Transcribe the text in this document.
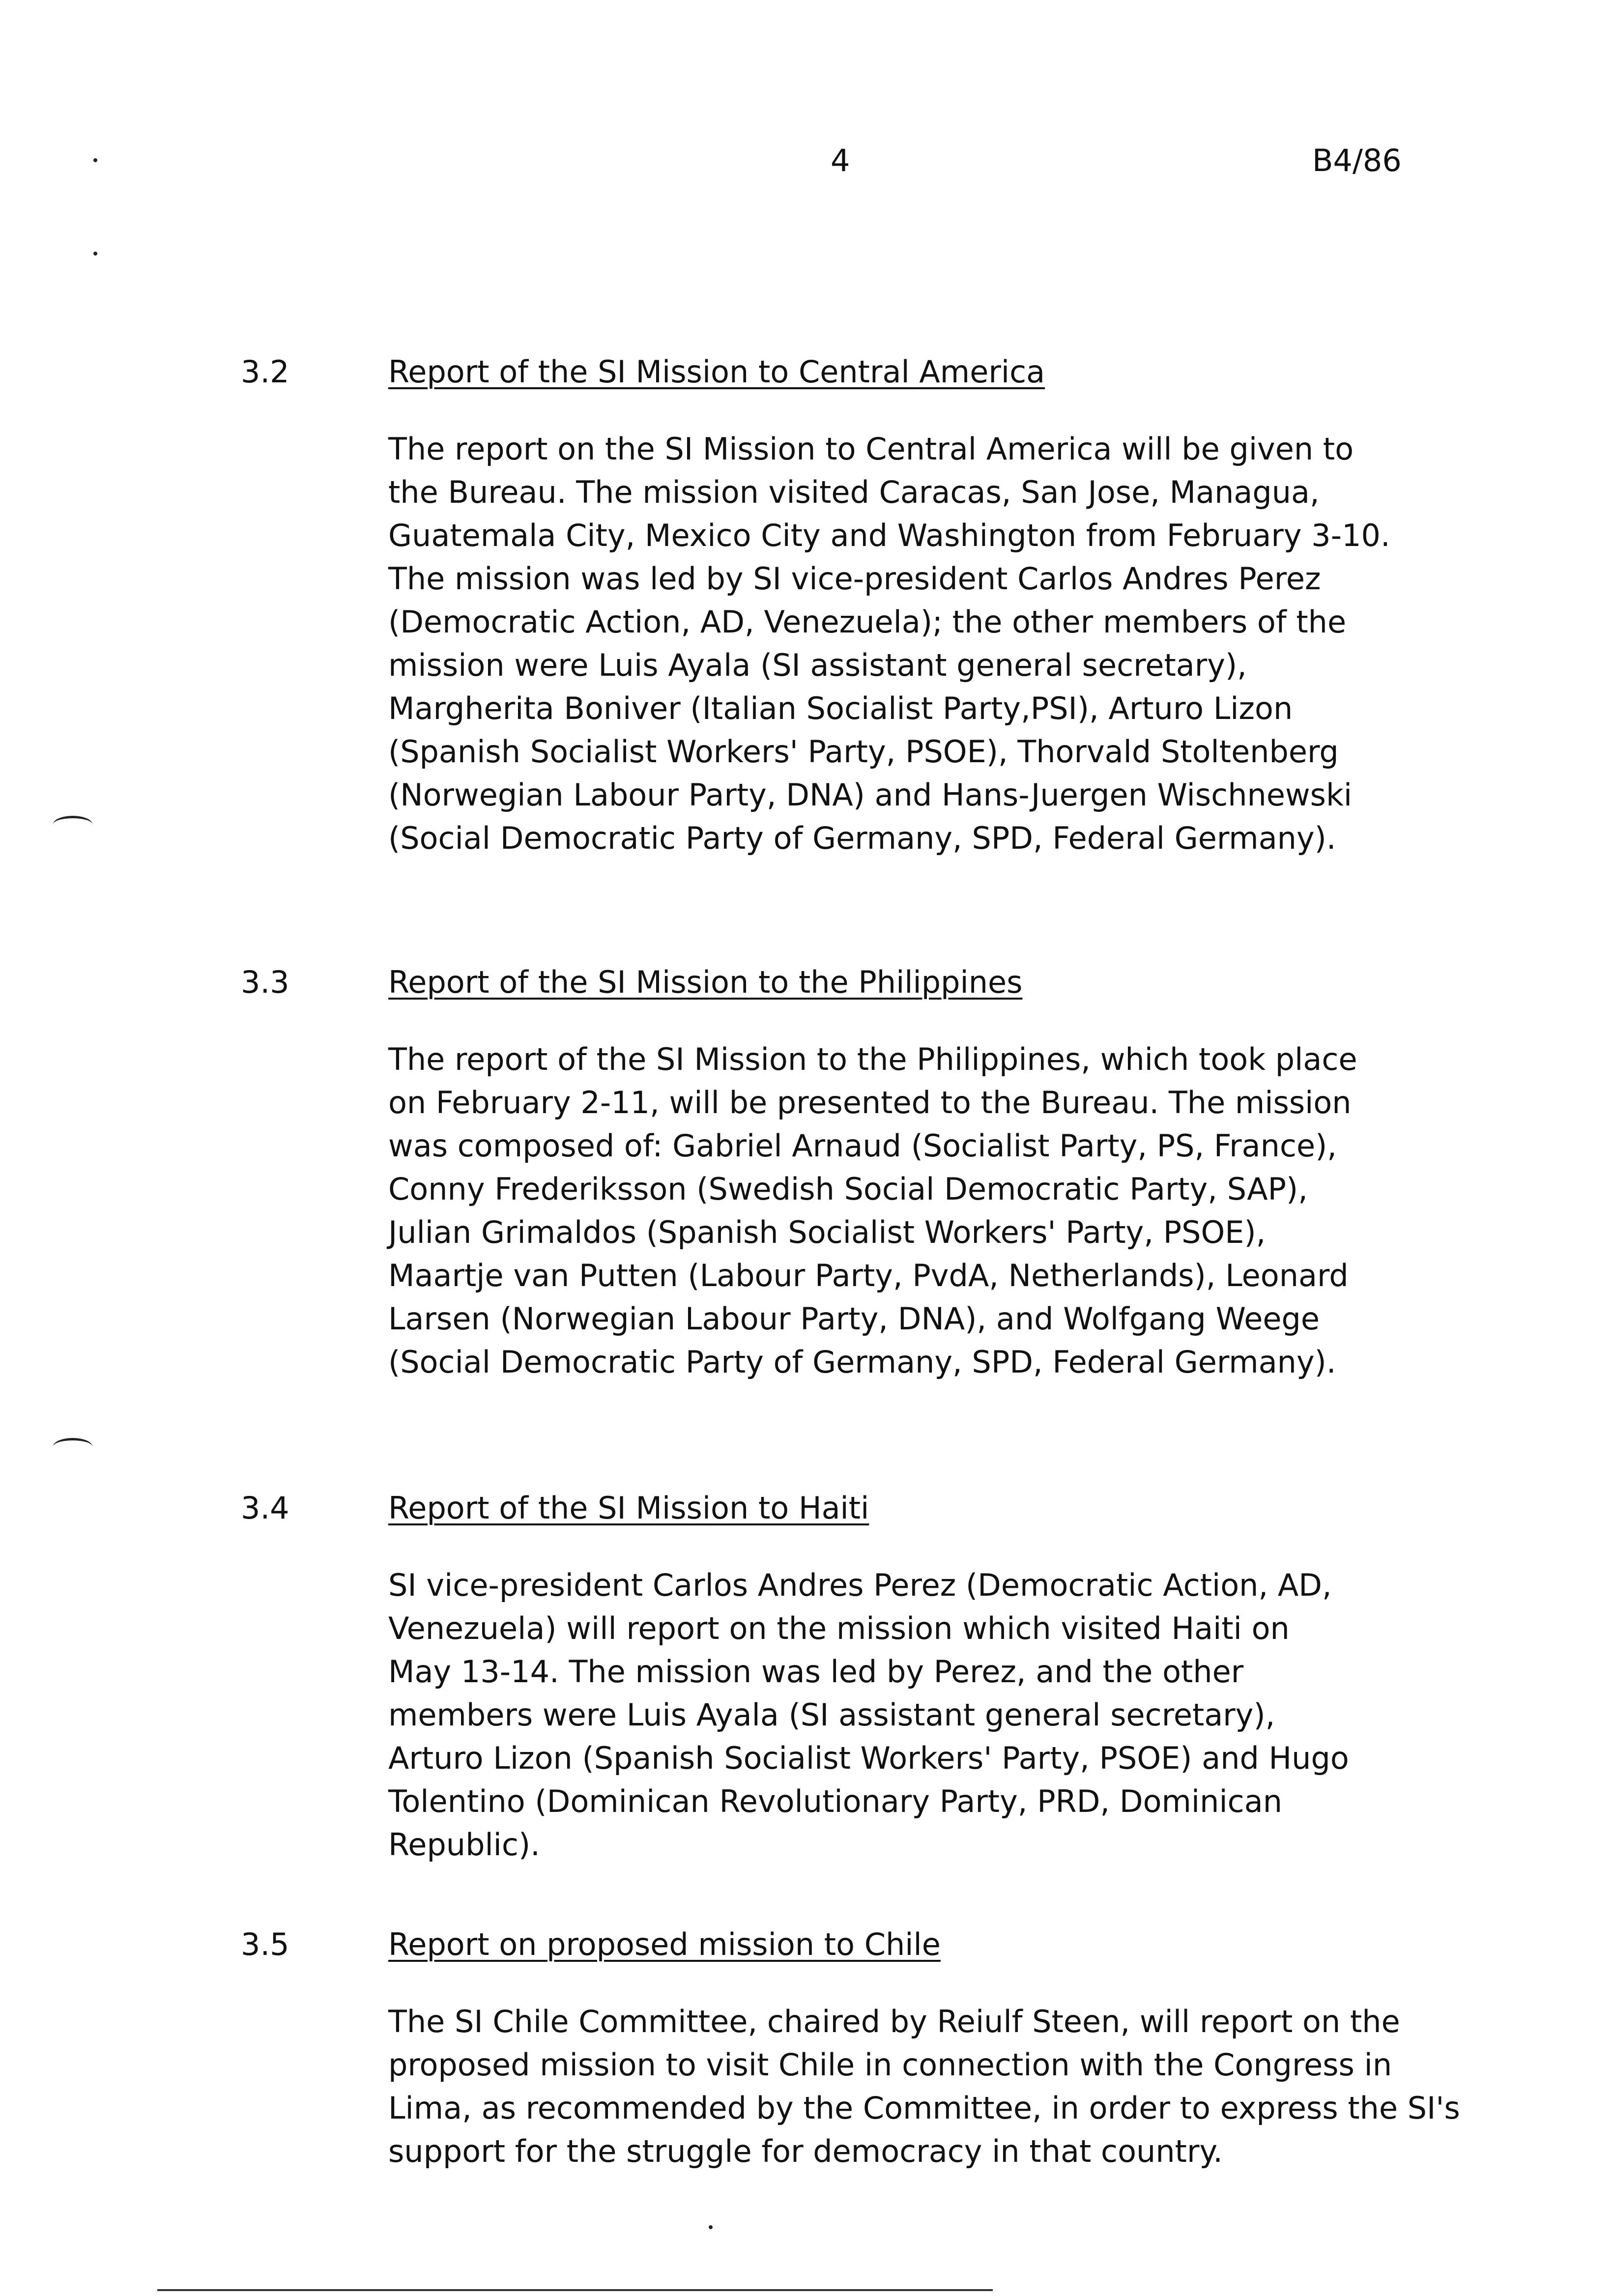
4	B4/86
3.2	Report of the SI Mission to Central America

The report on the SI Mission to Central America will be given to
the Bureau. The mission visited Caracas, San Jose, Managua,
Guatemala City, Mexico City and Washington from February 3-10.
The mission was led by SI vice-president Carlos Andres Perez
(Democratic Action, AD, Venezuela); the other members of the
mission were Luis Ayala (SI assistant general secretary),
Margherita Boniver (Italian Socialist Party,PSI), Arturo Lizon
(Spanish Socialist Workers' Party, PSOE), Thorvald Stoltenberg
(Norwegian Labour Party, DNA) and Hans-Juergen Wischnewski
(Social Democratic Party of Germany, SPD, Federal Germany).

3.3	Report of the SI Mission to the Philippines

The report of the SI Mission to the Philippines, which took place
on February 2-11, will be presented to the Bureau. The mission
was composed of: Gabriel Arnaud (Socialist Party, PS, France),
Conny Frederiksson (Swedish Social Democratic Party, SAP),
Julian Grimaldos (Spanish Socialist Workers' Party, PSOE),
Maartje van Putten (Labour Party, PvdA, Netherlands), Leonard
Larsen (Norwegian Labour Party, DNA), and Wolfgang Weege
(Social Democratic Party of Germany, SPD, Federal Germany).

3.4	Report of the SI Mission to Haiti

SI vice-president Carlos Andres Perez (Democratic Action, AD,
Venezuela) will report on the mission which visited Haiti on
May 13-14. The mission was led by Perez, and the other
members were Luis Ayala (SI assistant general secretary),
Arturo Lizon (Spanish Socialist Workers' Party, PSOE) and Hugo
Tolentino (Dominican Revolutionary Party, PRD, Dominican
Republic).

3.5	Report on proposed mission to Chile

The SI Chile Committee, chaired by Reiulf Steen, will report on the
proposed mission to visit Chile in connection with the Congress in
Lima, as recommended by the Committee, in order to express the SI's
support for the struggle for democracy in that country.
